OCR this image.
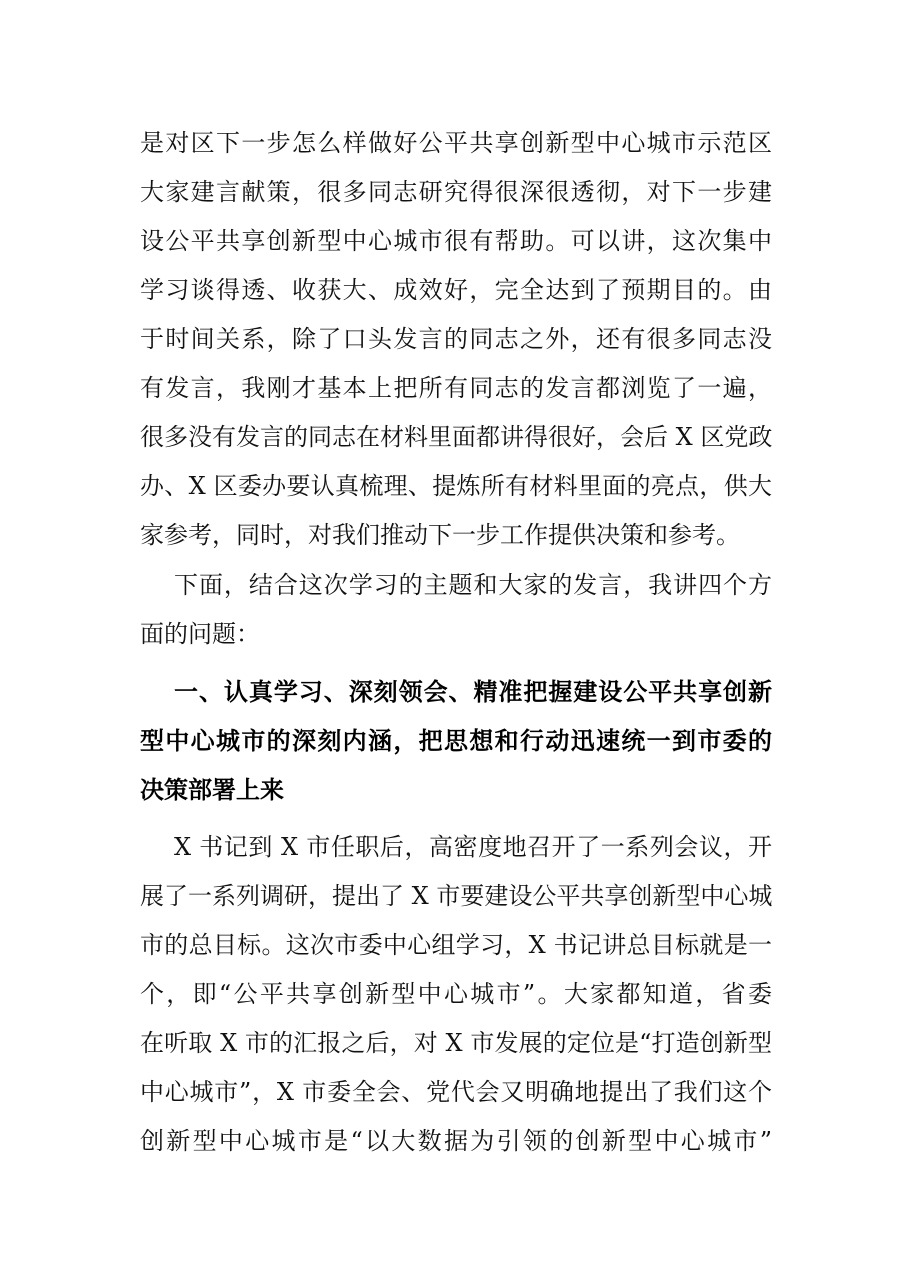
是对区下一步怎么样做好公平共享创新型中心城市示范区
大家建言献策，很多同志研究得很深很透彻，对下一步建
设公平共享创新型中心城市很有帮助。可以讲，这次集中
学习谈得透、收获大、成效好，完全达到了预期目的。由
于时间关系，除了口头发言的同志之外，还有很多同志没
有发言，我刚才基本上把所有同志的发言都浏览了一遍，
很多没有发言的同志在材料里面都讲得很好，会后 X 区党政
办、X 区委办要认真梳理、提炼所有材料里面的亮点，供大
家参考，同时，对我们推动下一步工作提供决策和参考。
下面，结合这次学习的主题和大家的发言，我讲四个方
面的问题：
一、认真学习、深刻领会、精准把握建设公平共享创新
型中心城市的深刻内涵，把思想和行动迅速统一到市委的
决策部署上来
X 书记到 X 市任职后，高密度地召开了一系列会议，开
展了一系列调研，提出了 X 市要建设公平共享创新型中心城
市的总目标。这次市委中心组学习，X 书记讲总目标就是一
个，即“公平共享创新型中心城市”。大家都知道，省委
在听取 X 市的汇报之后，对 X 市发展的定位是“打造创新型
中心城市”，X 市委全会、党代会又明确地提出了我们这个
创新型中心城市是“以大数据为引领的创新型中心城市”
